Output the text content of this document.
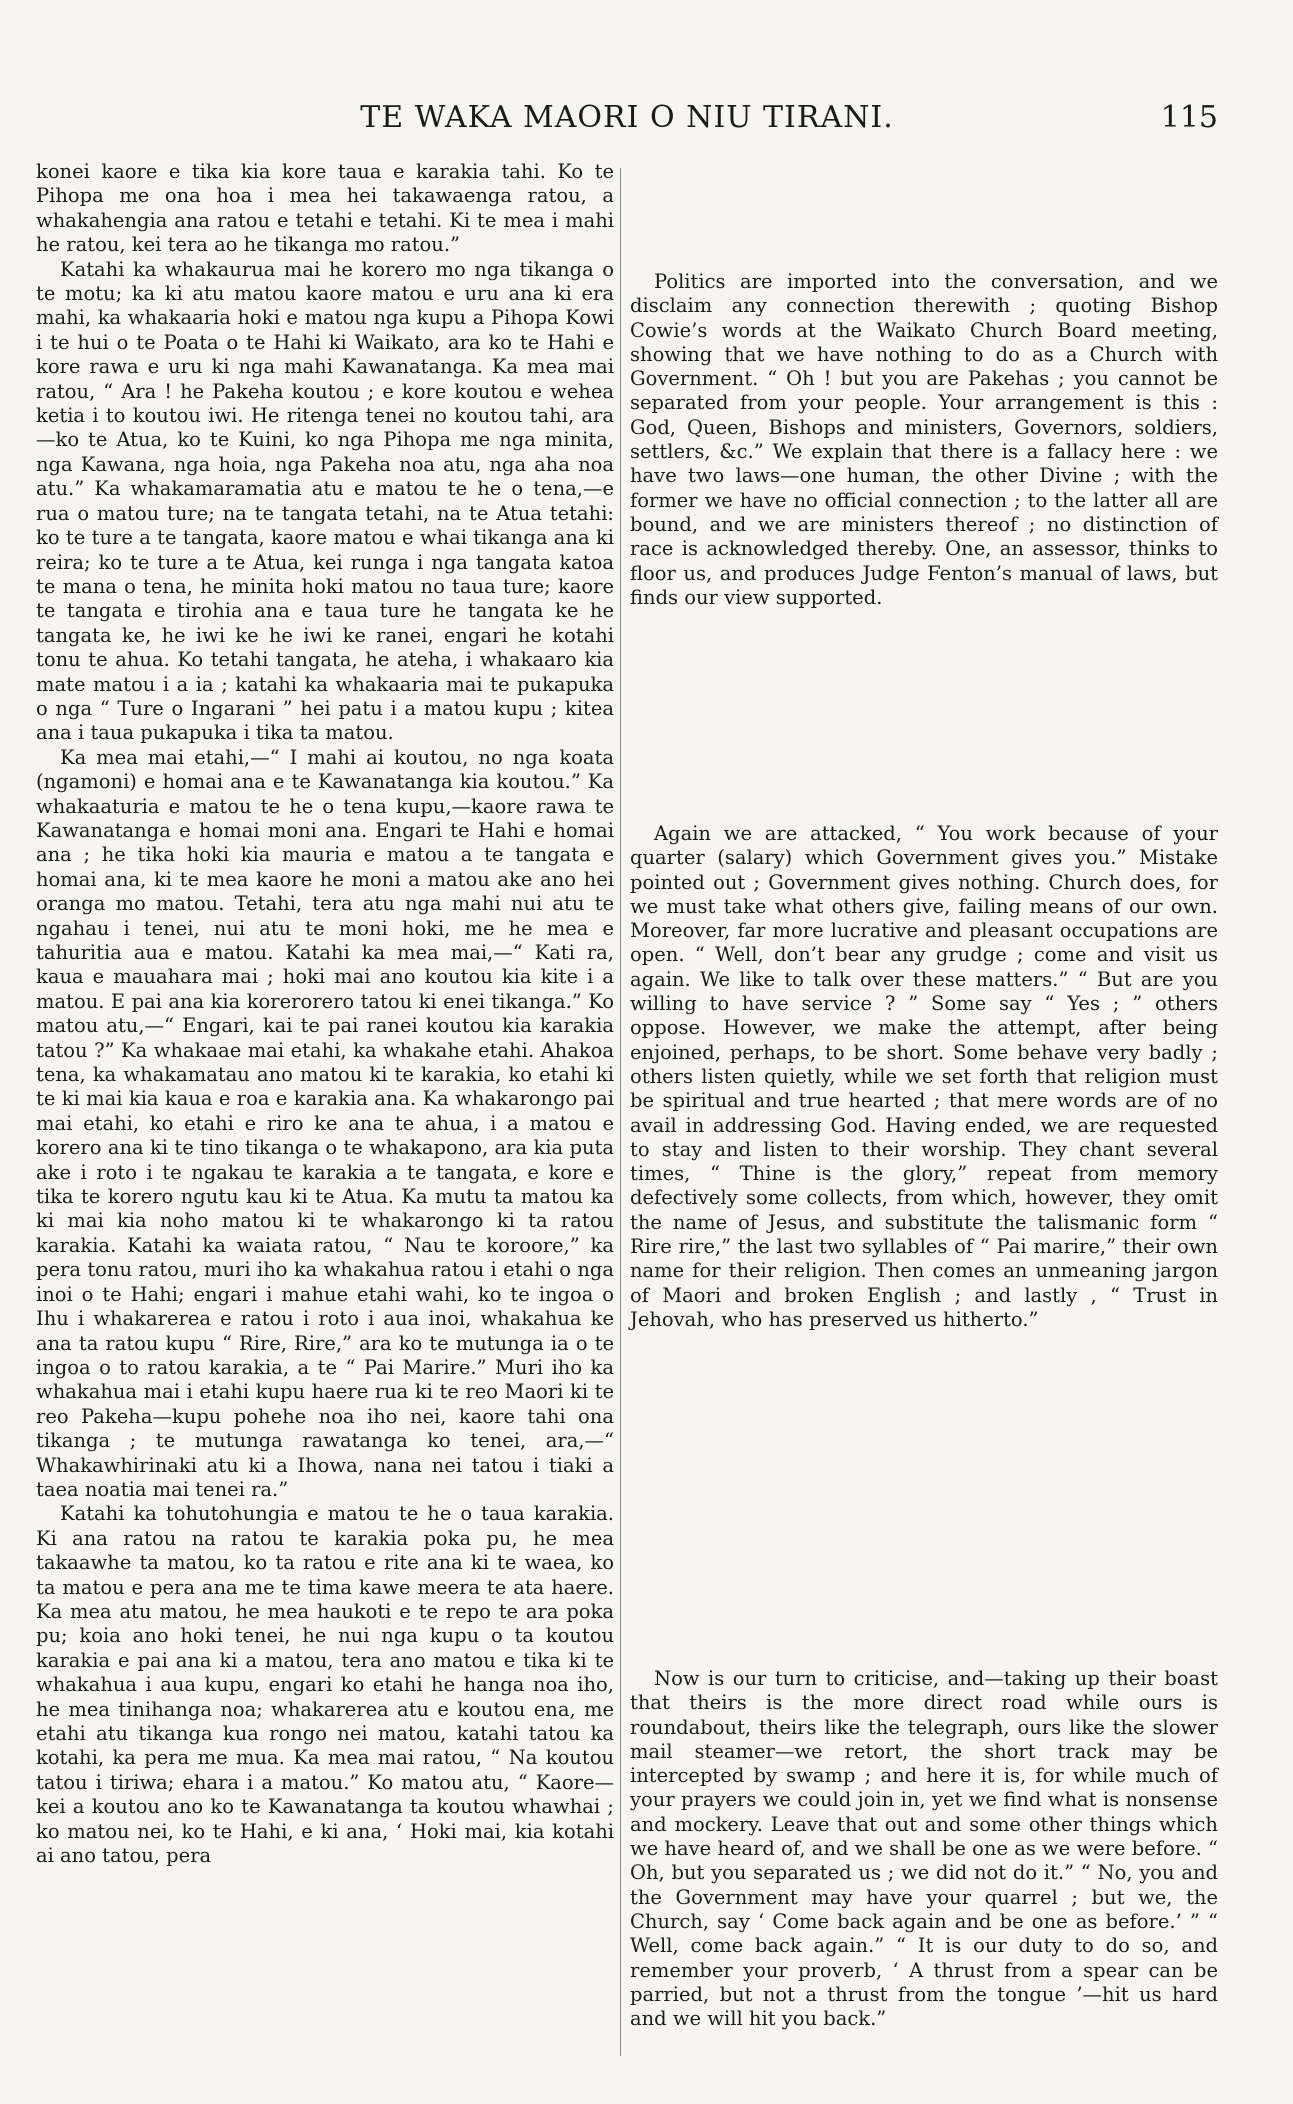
TE WAKA MAORI O NIU TIRANI.	115

konei kaore e tika kia kore taua e karakia tahi. Ko te Pihopa me ona hoa i mea hei takawaenga ratou, a whakahengia ana ratou e tetahi e tetahi. Ki te mea i mahi he ratou, kei tera ao he tikanga mo ratou.”

Katahi ka whakaurua mai he korero mo nga tikanga o te motu; ka ki atu matou kaore matou e uru ana ki era mahi, ka whakaaria hoki e matou nga kupu a Pihopa Kowi i te hui o te Poata o te Hahi ki Waikato, ara ko te Hahi e kore rawa e uru ki nga mahi Kawanatanga. Ka mea mai ratou, “ Ara ! he Pakeha koutou ; e kore koutou e wehea ketia i to koutou iwi. He ritenga tenei no koutou tahi, ara—ko te Atua, ko te Kuini, ko nga Pihopa me nga minita, nga Kawana, nga hoia, nga Pakeha noa atu, nga aha noa atu.” Ka whakamaramatia atu e matou te he o tena,—e rua o matou ture; na te tangata tetahi, na te Atua tetahi: ko te ture a te tangata, kaore matou e whai tikanga ana ki reira; ko te ture a te Atua, kei runga i nga tangata katoa te mana o tena, he minita hoki matou no taua ture; kaore te tangata e tirohia ana e taua ture he tangata ke he tangata ke, he iwi ke he iwi ke ranei, engari he kotahi tonu te ahua. Ko tetahi tangata, he ateha, i whakaaro kia mate matou i a ia ; katahi ka whakaaria mai te pukapuka o nga “ Ture o Ingarani ” hei patu i a matou kupu ; kitea ana i taua pukapuka i tika ta matou.

Ka mea mai etahi,—“ I mahi ai koutou, no nga koata (ngamoni) e homai ana e te Kawanatanga kia koutou.” Ka whakaaturia e matou te he o tena kupu,—kaore rawa te Kawanatanga e homai moni ana. Engari te Hahi e homai ana ; he tika hoki kia mauria e matou a te tangata e homai ana, ki te mea kaore he moni a matou ake ano hei oranga mo matou. Tetahi, tera atu nga mahi nui atu te ngahau i tenei, nui atu te moni hoki, me he mea e tahuritia aua e matou. Katahi ka mea mai,—“ Kati ra, kaua e mauahara mai ; hoki mai ano koutou kia kite i a matou. E pai ana kia korerorero tatou ki enei tikanga.” Ko matou atu,—“ Engari, kai te pai ranei koutou kia karakia tatou ?” Ka whakaae mai etahi, ka whakahe etahi. Ahakoa tena, ka whakamatau ano matou ki te karakia, ko etahi ki te ki mai kia kaua e roa e karakia ana. Ka whakarongo pai mai etahi, ko etahi e riro ke ana te ahua, i a matou e korero ana ki te tino tikanga o te whakapono, ara kia puta ake i roto i te ngakau te karakia a te tangata, e kore e tika te korero ngutu kau ki te Atua. Ka mutu ta matou ka ki mai kia noho matou ki te whakarongo ki ta ratou karakia. Katahi ka waiata ratou, “ Nau te koroore,” ka pera tonu ratou, muri iho ka whakahua ratou i etahi o nga inoi o te Hahi; engari i mahue etahi wahi, ko te ingoa o Ihu i whakarerea e ratou i roto i aua inoi, whakahua ke ana ta ratou kupu “ Rire, Rire,” ara ko te mutunga ia o te ingoa o to ratou karakia, a te “ Pai Marire.” Muri iho ka whakahua mai i etahi kupu haere rua ki te reo Maori ki te reo Pakeha—kupu pohehe noa iho nei, kaore tahi ona tikanga ; te mutunga rawatanga ko tenei, ara,—“ Whakawhirinaki atu ki a Ihowa, nana nei tatou i tiaki a taea noatia mai tenei ra.”

Katahi ka tohutohungia e matou te he o taua karakia. Ki ana ratou na ratou te karakia poka pu, he mea takaawhe ta matou, ko ta ratou e rite ana ki te waea, ko ta matou e pera ana me te tima kawe meera te ata haere. Ka mea atu matou, he mea haukoti e te repo te ara poka pu; koia ano hoki tenei, he nui nga kupu o ta koutou karakia e pai ana ki a matou, tera ano matou e tika ki te whakahua i aua kupu, engari ko etahi he hanga noa iho, he mea tinihanga noa; whakarerea atu e koutou ena, me etahi atu tikanga kua rongo nei matou, katahi tatou ka kotahi, ka pera me mua. Ka mea mai ratou, “ Na koutou tatou i tiriwa; ehara i a matou.” Ko matou atu, “ Kaore—kei a koutou ano ko te Kawanatanga ta koutou whawhai ; ko matou nei, ko te Hahi, e ki ana, ‘ Hoki mai, kia kotahi ai ano tatou, pera

Politics are imported into the conversation, and we disclaim any connection therewith ; quoting Bishop Cowie’s words at the Waikato Church Board meeting, showing that we have nothing to do as a Church with Government. “ Oh ! but you are Pakehas ; you cannot be separated from your people. Your arrangement is this : God, Queen, Bishops and ministers, Governors, soldiers, settlers, &c.” We explain that there is a fallacy here : we have two laws—one human, the other Divine ; with the former we have no official connection ; to the latter all are bound, and we are ministers thereof ; no distinction of race is acknowledged thereby. One, an assessor, thinks to floor us, and produces Judge Fenton’s manual of laws, but finds our view supported.

Again we are attacked, “ You work because of your quarter (salary) which Government gives you.” Mistake pointed out ; Government gives nothing. Church does, for we must take what others give, failing means of our own. Moreover, far more lucrative and pleasant occupations are open. “ Well, don’t bear any grudge ; come and visit us again. We like to talk over these matters.” “ But are you willing to have service ? ” Some say “ Yes ; ” others oppose. However, we make the attempt, after being enjoined, perhaps, to be short. Some behave very badly ; others listen quietly, while we set forth that religion must be spiritual and true hearted ; that mere words are of no avail in addressing God. Having ended, we are requested to stay and listen to their worship. They chant several times, “ Thine is the glory,” repeat from memory defectively some collects, from which, however, they omit the name of Jesus, and substitute the talismanic form “ Rire rire,” the last two syllables of “ Pai marire,” their own name for their religion. Then comes an unmeaning jargon of Maori and broken English ; and lastly , “ Trust in Jehovah, who has preserved us hitherto.”

Now is our turn to criticise, and—taking up their boast that theirs is the more direct road while ours is roundabout, theirs like the telegraph, ours like the slower mail steamer—we retort, the short track may be intercepted by swamp ; and here it is, for while much of your prayers we could join in, yet we find what is nonsense and mockery. Leave that out and some other things which we have heard of, and we shall be one as we were before. “ Oh, but you separated us ; we did not do it.” “ No, you and the Government may have your quarrel ; but we, the Church, say ‘ Come back again and be one as before.’ ” “ Well, come back again.” “ It is our duty to do so, and remember your proverb, ‘ A thrust from a spear can be parried, but not a thrust from the tongue ’—hit us hard and we will hit you back.”
